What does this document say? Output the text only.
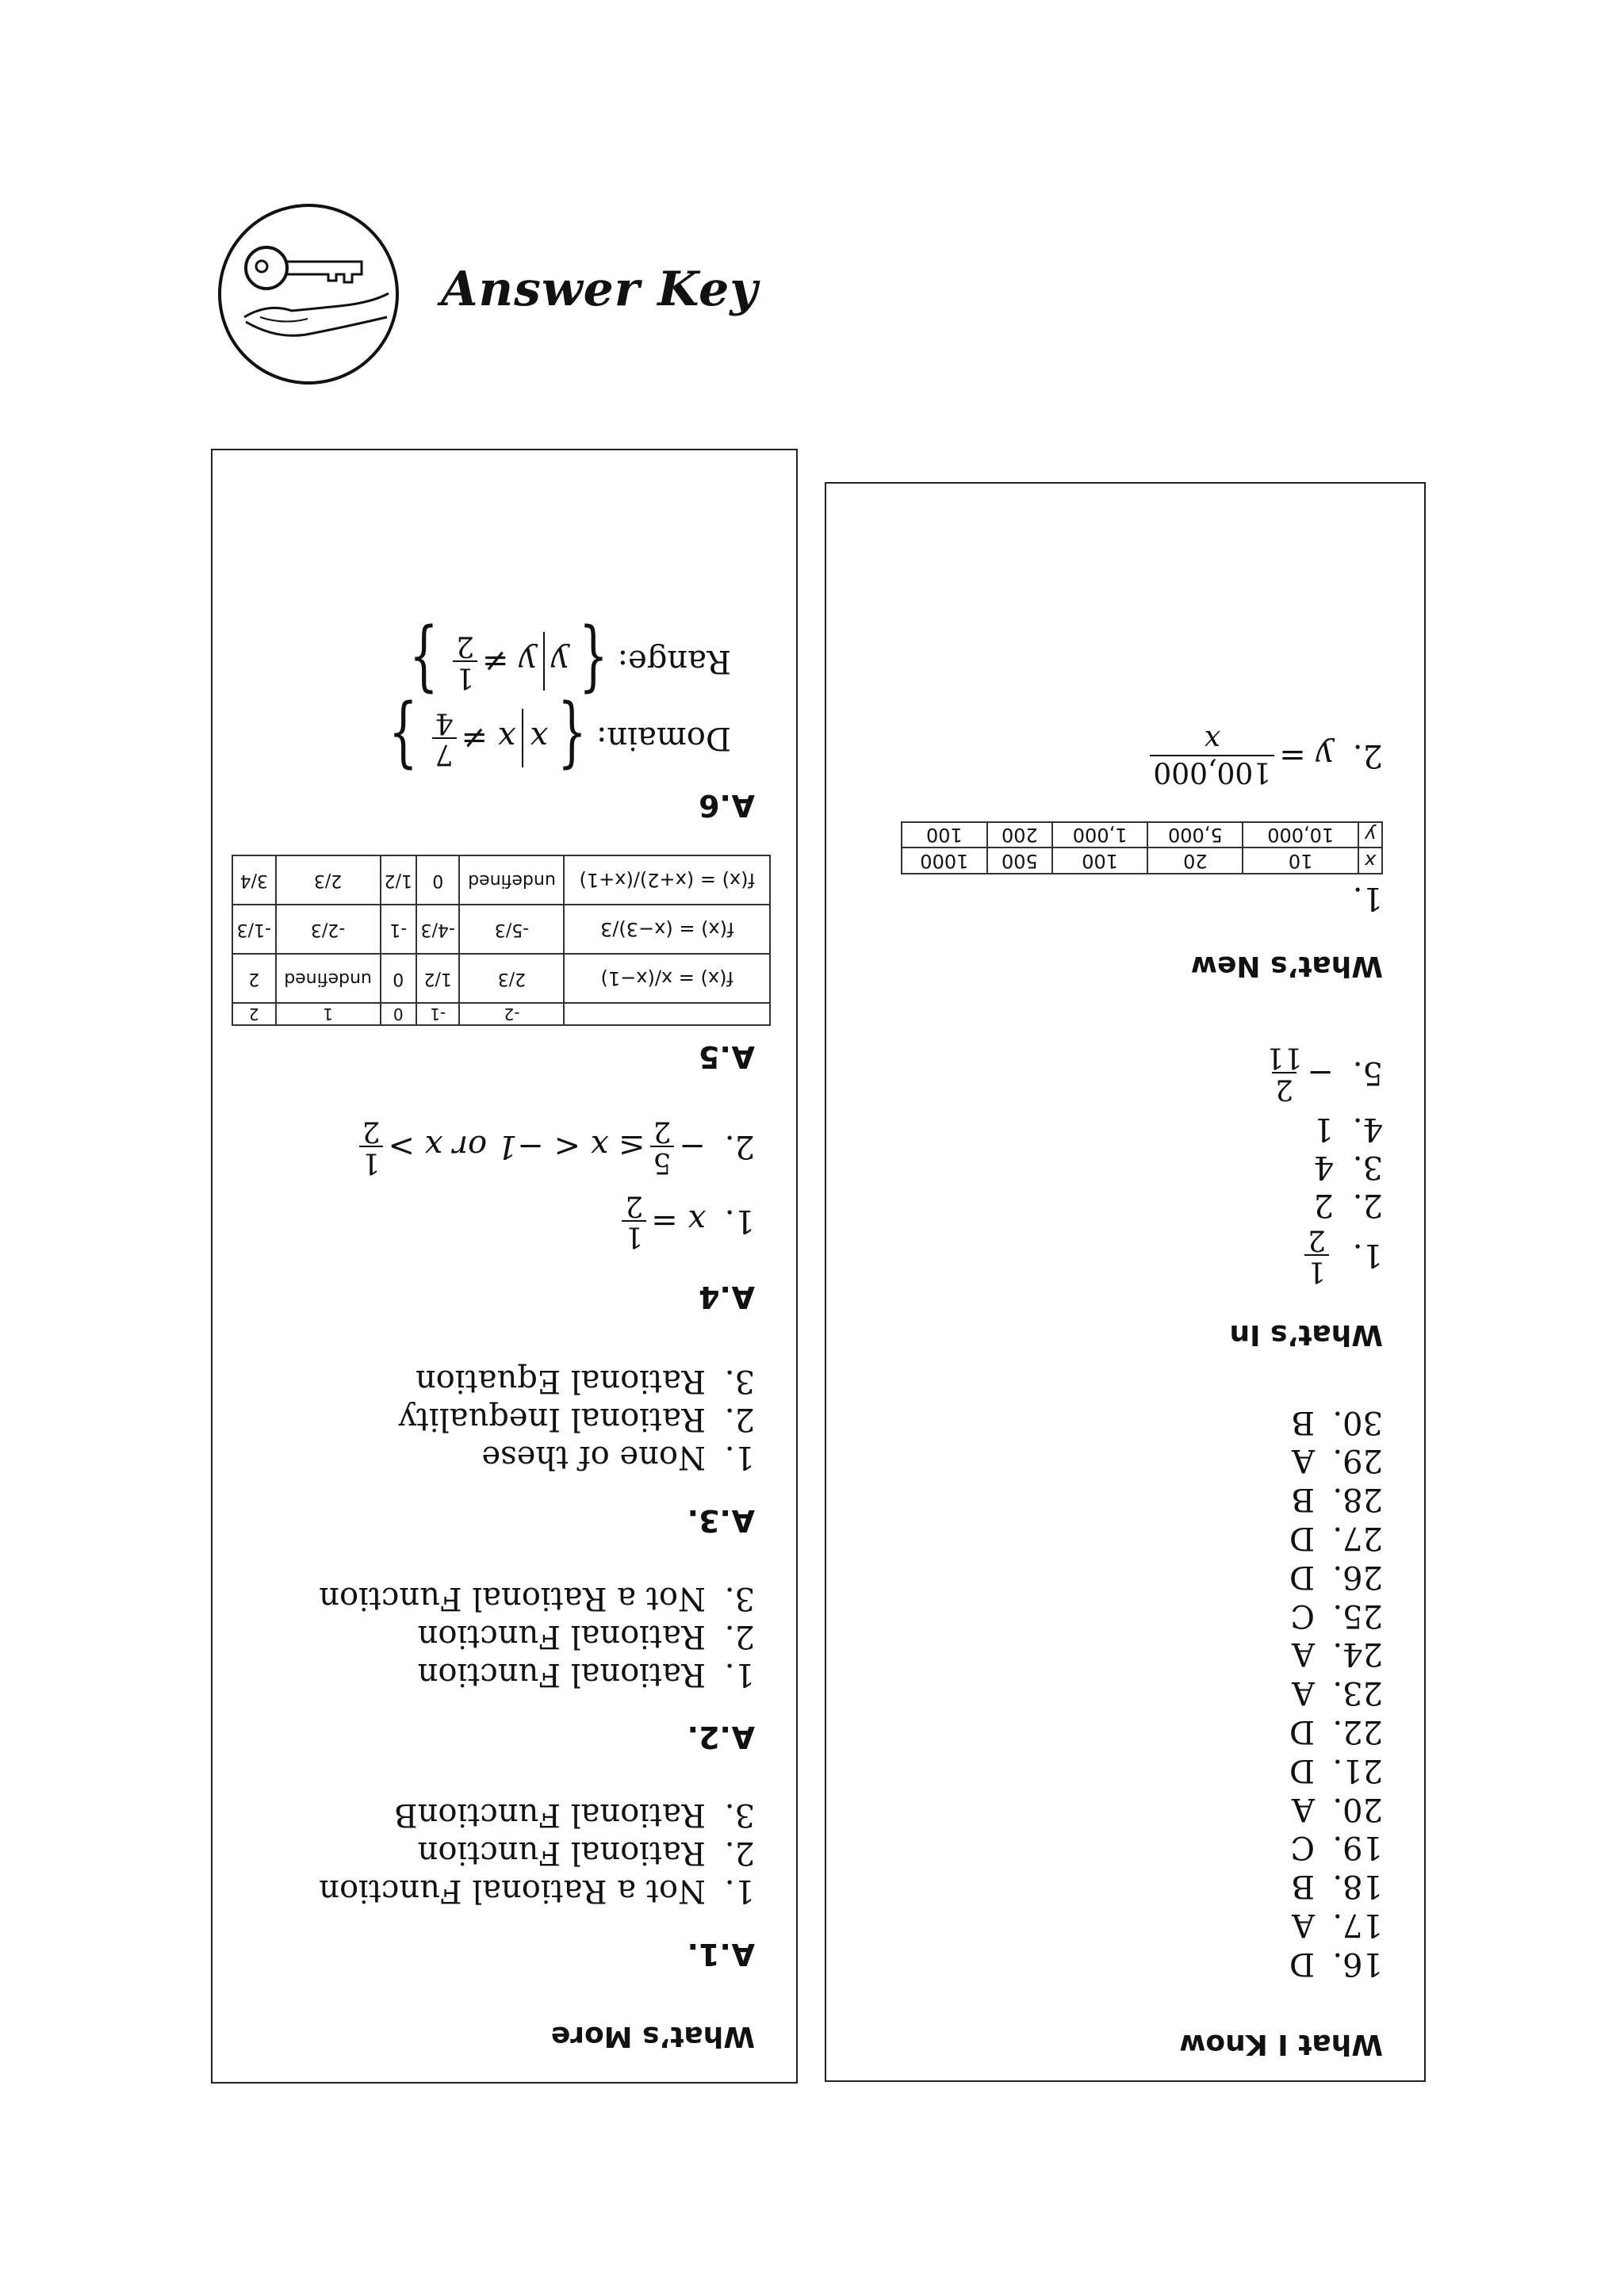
Answer Key

What’s More

A.1.

1.
Not a Rational Function
2.
Rational Function
3.
Rational FunctionB

A.2.

1.
Rational Function
2.
Rational Function
3.
Not a Rational Function

A.3.

1.
None of these
2.
Rational Inequality
3.
Rational Equation

A.4

1.
x =
1
2
2.
−
5
2
≤ x < −1 or x >
1
2

A.5

	-2	-1	0	1	2
f(x) = x/(x−1)	2/3	1/2	0	undefined	2
f(x) = (x−3)/3	-5/3	-4/3	-1	-2/3	-1/3
f(x) = (x+2)/(x+1)	undefined	0	1/2	2/3	3/4

A.6

Domain:
{
x
x ≠
7
4
}
Range:
{
y
y ≠
1
2
}

What I Know

16.
D
17.
A
18.
B
19.
C
20.
A
21.
D
22.
D
23.
A
24.
A
25.
C
26.
D
27.
D
28.
B
29.
A
30.
B

What’s In

1.
1
2
2.
2
3.
4
4.
1
5.
−
2
11

What’s New

1.
x	10	20	100	500	1000
y	10,000	5,000	1,000	200	100
2.
y =
100,000
x
